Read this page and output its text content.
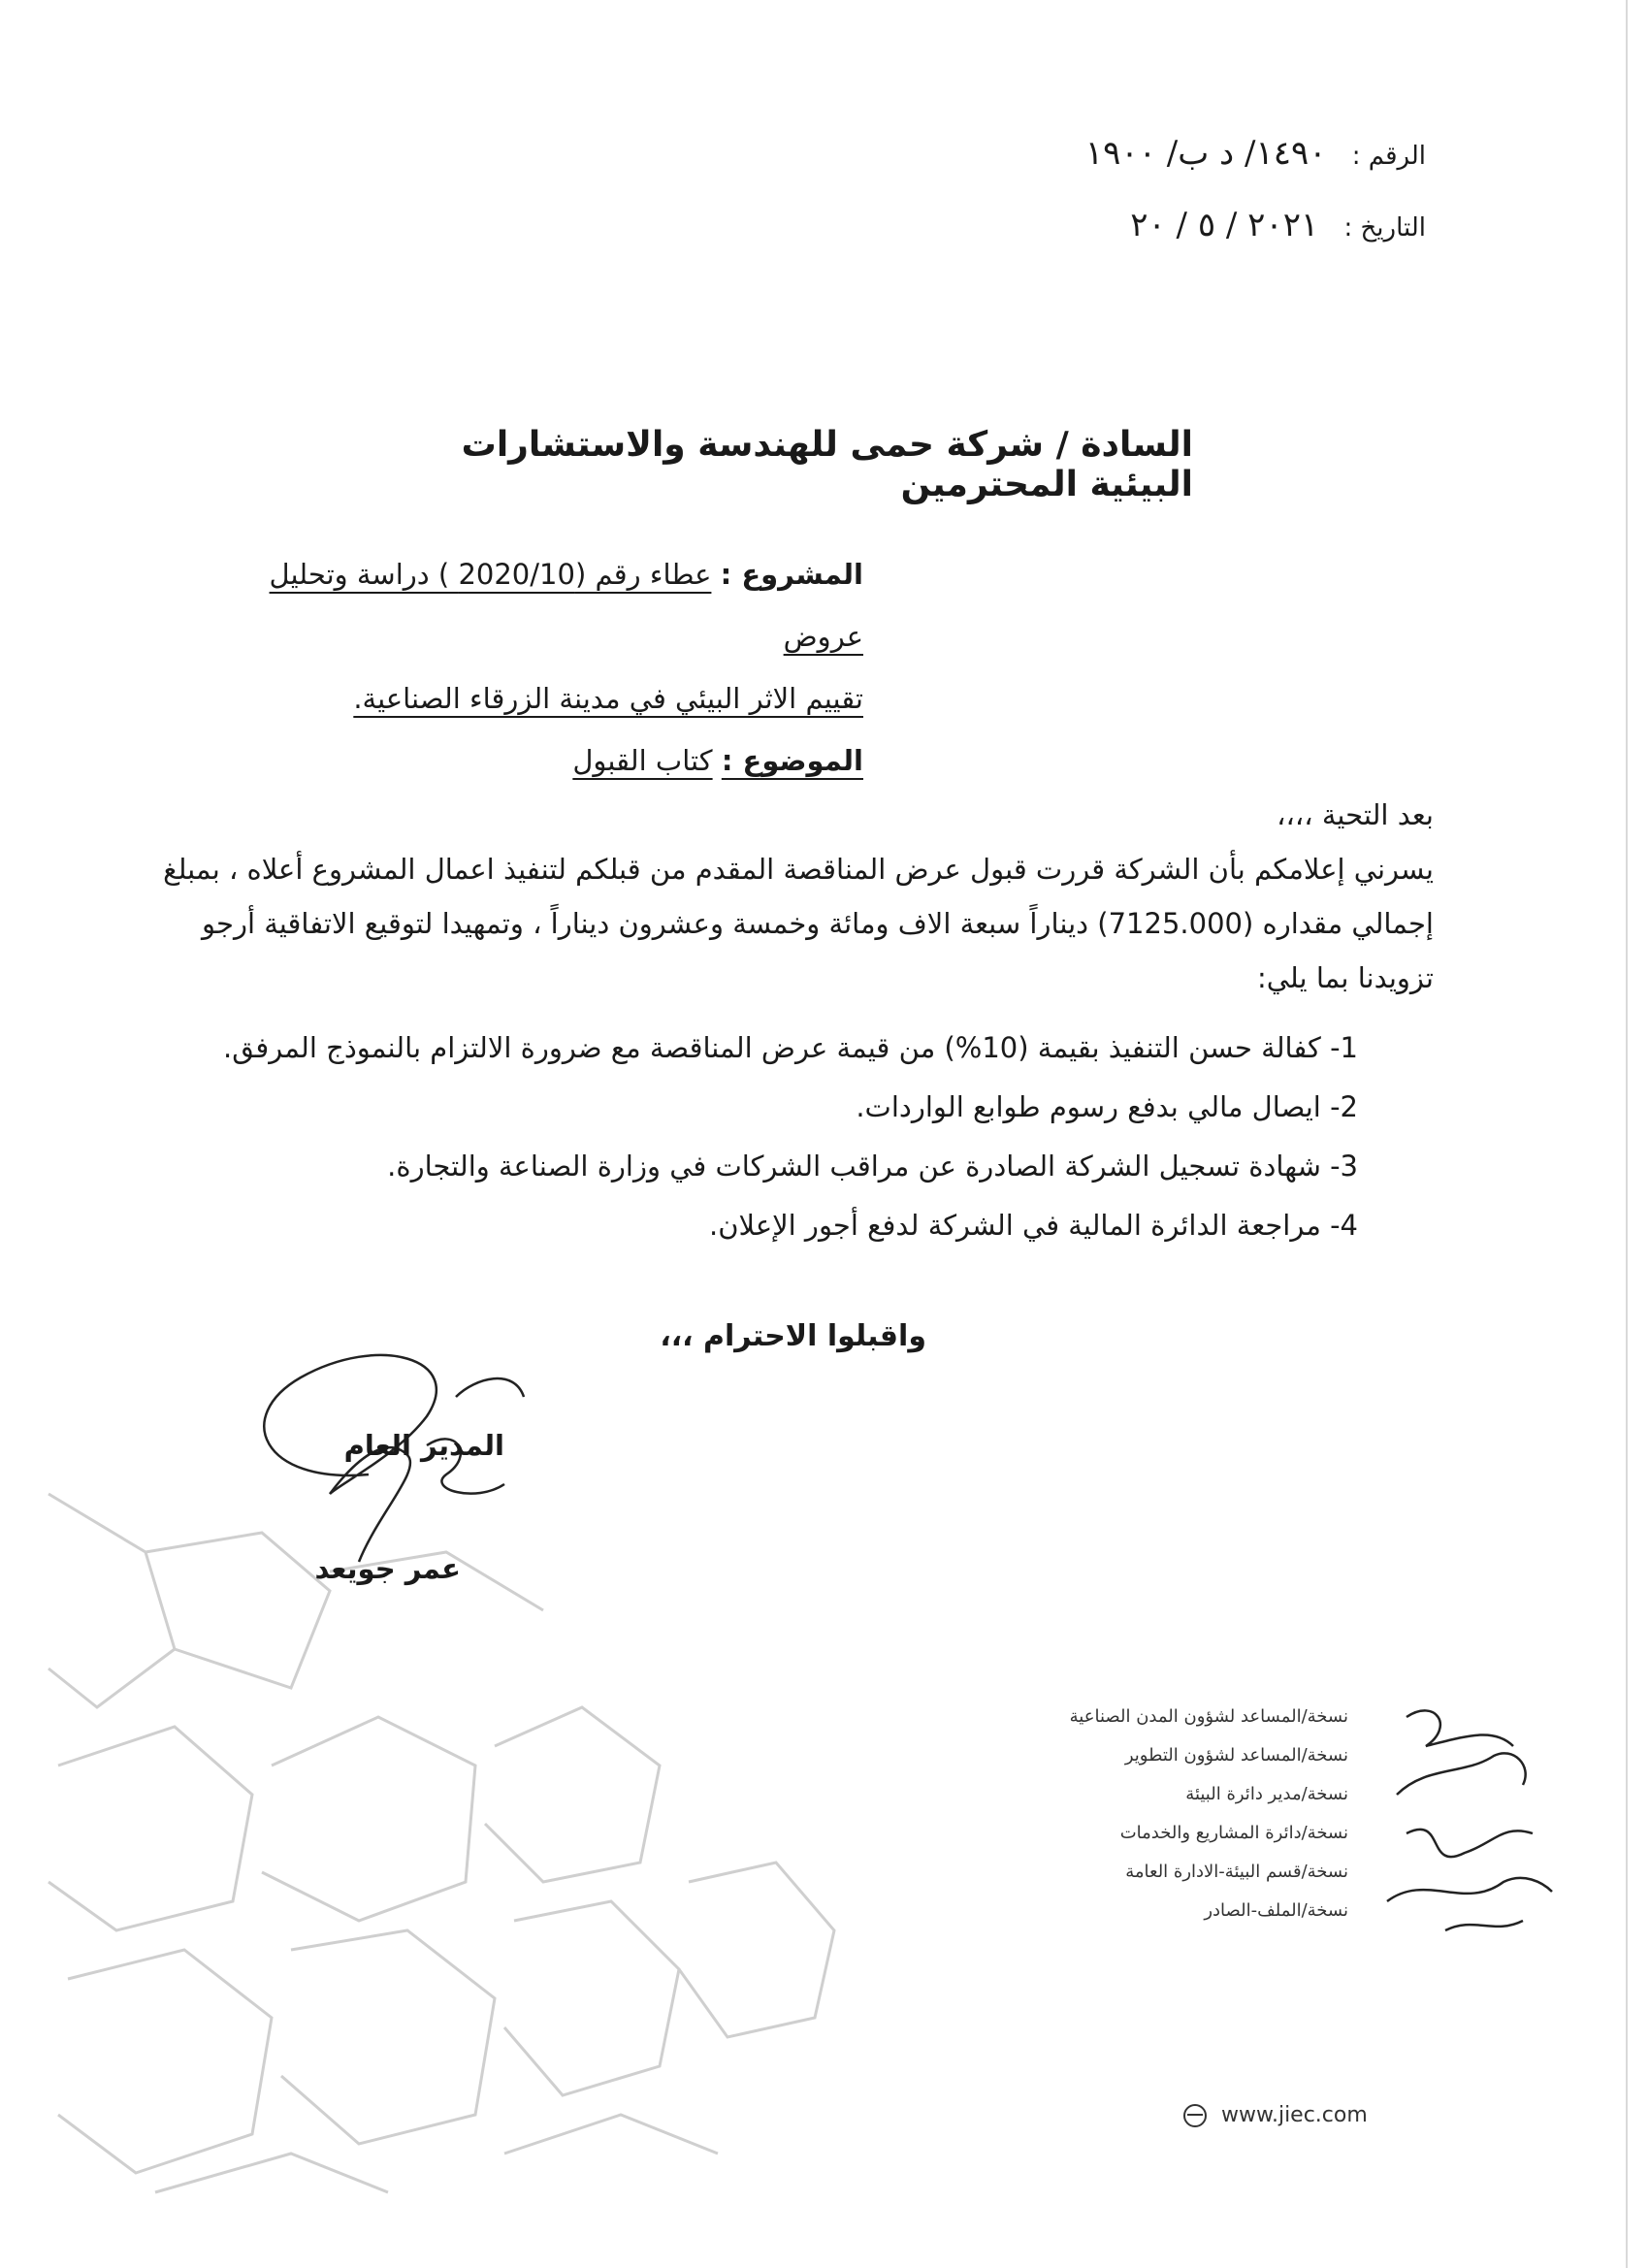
الرقم : ١٤٩٠/ د ب/ ١٩٠٠
التاريخ : ٢٠٢١ / ٥ / ٢٠
السادة / شركة حمى للهندسة والاستشارات البيئية المحترمين
المشروع : عطاء رقم (2020/10 ) دراسة وتحليل عروض
تقييم الاثر البيئي في مدينة الزرقاء الصناعية.
الموضوع : كتاب القبول
بعد التحية ،،،،
يسرني إعلامكم بأن الشركة قررت قبول عرض المناقصة المقدم من قبلكم لتنفيذ اعمال المشروع أعلاه ، بمبلغ
إجمالي مقداره (7125.000) ديناراً سبعة الاف ومائة وخمسة وعشرون ديناراً ، وتمهيدا لتوقيع الاتفاقية أرجو
تزويدنا بما يلي:
1- كفالة حسن التنفيذ بقيمة (10%) من قيمة عرض المناقصة مع ضرورة الالتزام بالنموذج المرفق.
2- ايصال مالي بدفع رسوم طوابع الواردات.
3- شهادة تسجيل الشركة الصادرة عن مراقب الشركات في وزارة الصناعة والتجارة.
4- مراجعة الدائرة المالية في الشركة لدفع أجور الإعلان.
واقبلوا الاحترام ،،،
المدير العام
عمر جويعد
نسخة/المساعد لشؤون المدن الصناعية
نسخة/المساعد لشؤون التطوير
نسخة/مدير دائرة البيئة
نسخة/دائرة المشاريع والخدمات
نسخة/قسم البيئة-الادارة العامة
نسخة/الملف-الصادر
www.jiec.com
